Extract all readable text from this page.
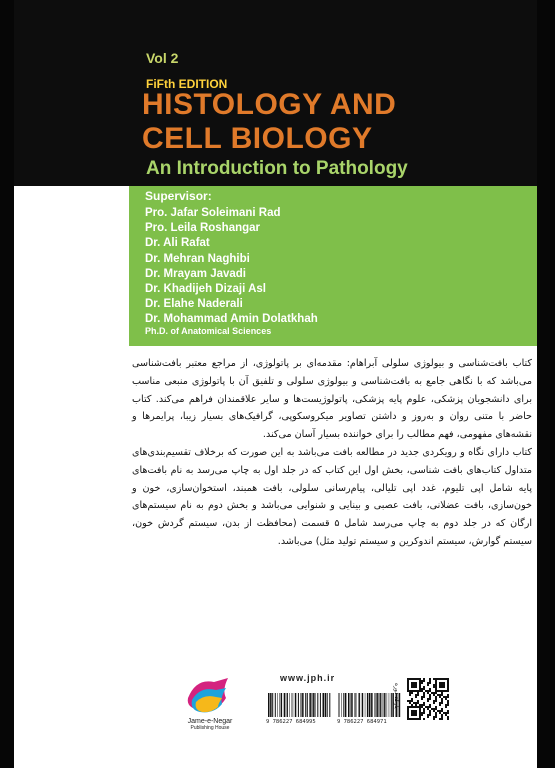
Vol 2
FiFth EDITION
HISTOLOGY AND
CELL BIOLOGY
An Introduction to Pathology
Supervisor:
Pro. Jafar Soleimani Rad
Pro. Leila Roshangar
Dr. Ali Rafat
Dr. Mehran Naghibi
Dr. Mrayam Javadi
Dr. Khadijeh Dizaji Asl
Dr. Elahe Naderali
Dr. Mohammad Amin Dolatkhah
Ph.D. of Anatomical Sciences

کتاب بافت‌شناسی و بیولوژی سلولی آبراهام: مقدمه‌ای بر پاتولوژی، از مراجع معتبر بافت‌شناسی می‌باشد که با نگاهی جامع به بافت‌شناسی و بیولوژی سلولی و تلفیق آن با پاتولوژی منبعی مناسب برای دانشجویان پزشکی، علوم پایه پزشکی، پاتولوژیست‌ها و سایر علاقمندان فراهم می‌کند. کتاب حاضر با متنی روان و به‌روز و داشتن تصاویر میکروسکوپی، گرافیک‌های بسیار زیبا، پرایمرها و نقشه‌های مفهومی، فهم مطالب را برای خواننده بسیار آسان می‌کند.

کتاب دارای نگاه و رویکردی جدید در مطالعه بافت می‌باشد به این صورت که برخلاف تقسیم‌بندی‌های متداول کتاب‌های بافت شناسی، بخش اول این کتاب که در جلد اول به چاپ می‌رسد به نام بافت‌های پایه شامل اپی تلیوم، غدد اپی تلیالی، پیام‌رسانی سلولی، بافت همبند، استخوان‌سازی، خون و خون‌سازی، بافت عضلانی، بافت عصبی و بینایی و شنوایی می‌باشد و بخش دوم به نام سیستم‌های ارگان که در جلد دوم به چاپ می‌رسد شامل ۵ قسمت (محافظت از بدن، سیستم گردش خون، سیستم گوارش، سیستم اندوکرین و سیستم تولید مثل) می‌باشد.

Jame-e-Negar
Publishing House
www.jph.ir
9 786227 684995	9 786227 684971
بارکد دوره
